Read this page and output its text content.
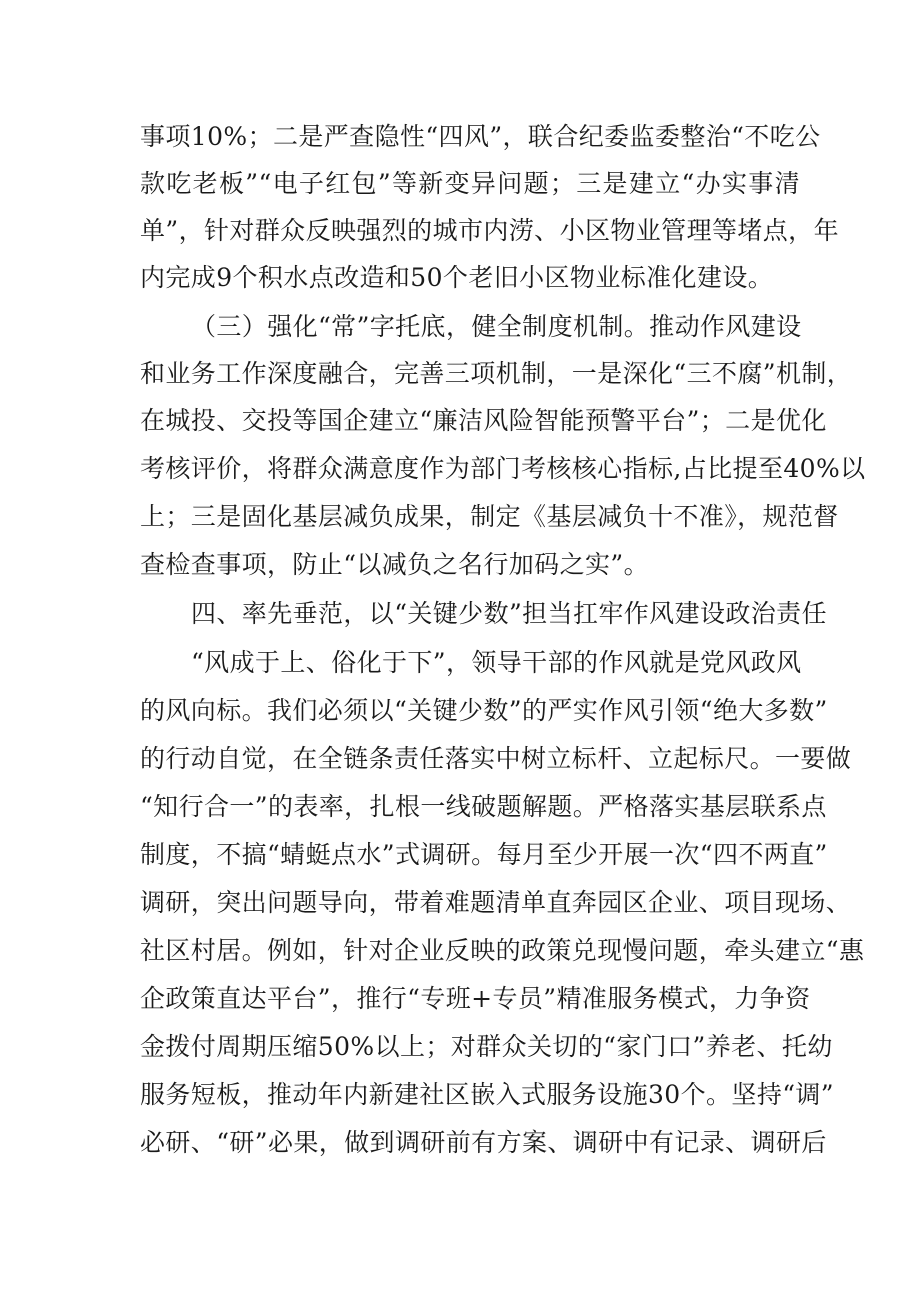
事项10%；二是严查隐性“四风”，联合纪委监委整治“不吃公
款吃老板”“电子红包”等新变异问题；三是建立“办实事清
单”，针对群众反映强烈的城市内涝、小区物业管理等堵点，年
内完成9个积水点改造和50个老旧小区物业标准化建设。
（三）强化“常”字托底，健全制度机制。推动作风建设
和业务工作深度融合，完善三项机制，一是深化“三不腐”机制，
在城投、交投等国企建立“廉洁风险智能预警平台”；二是优化
考核评价，将群众满意度作为部门考核核心指标,占比提至40%以
上；三是固化基层减负成果，制定《基层减负十不准》，规范督
查检查事项，防止“以减负之名行加码之实”。
四、率先垂范，以“关键少数”担当扛牢作风建设政治责任
“风成于上、俗化于下”，领导干部的作风就是党风政风
的风向标。我们必须以“关键少数”的严实作风引领“绝大多数”
的行动自觉，在全链条责任落实中树立标杆、立起标尺。一要做
“知行合一”的表率，扎根一线破题解题。严格落实基层联系点
制度，不搞“蜻蜓点水”式调研。每月至少开展一次“四不两直”
调研，突出问题导向，带着难题清单直奔园区企业、项目现场、
社区村居。例如，针对企业反映的政策兑现慢问题，牵头建立“惠
企政策直达平台”，推行“专班+专员”精准服务模式，力争资
金拨付周期压缩50%以上；对群众关切的“家门口”养老、托幼
服务短板，推动年内新建社区嵌入式服务设施30个。坚持“调”
必研、“研”必果，做到调研前有方案、调研中有记录、调研后
